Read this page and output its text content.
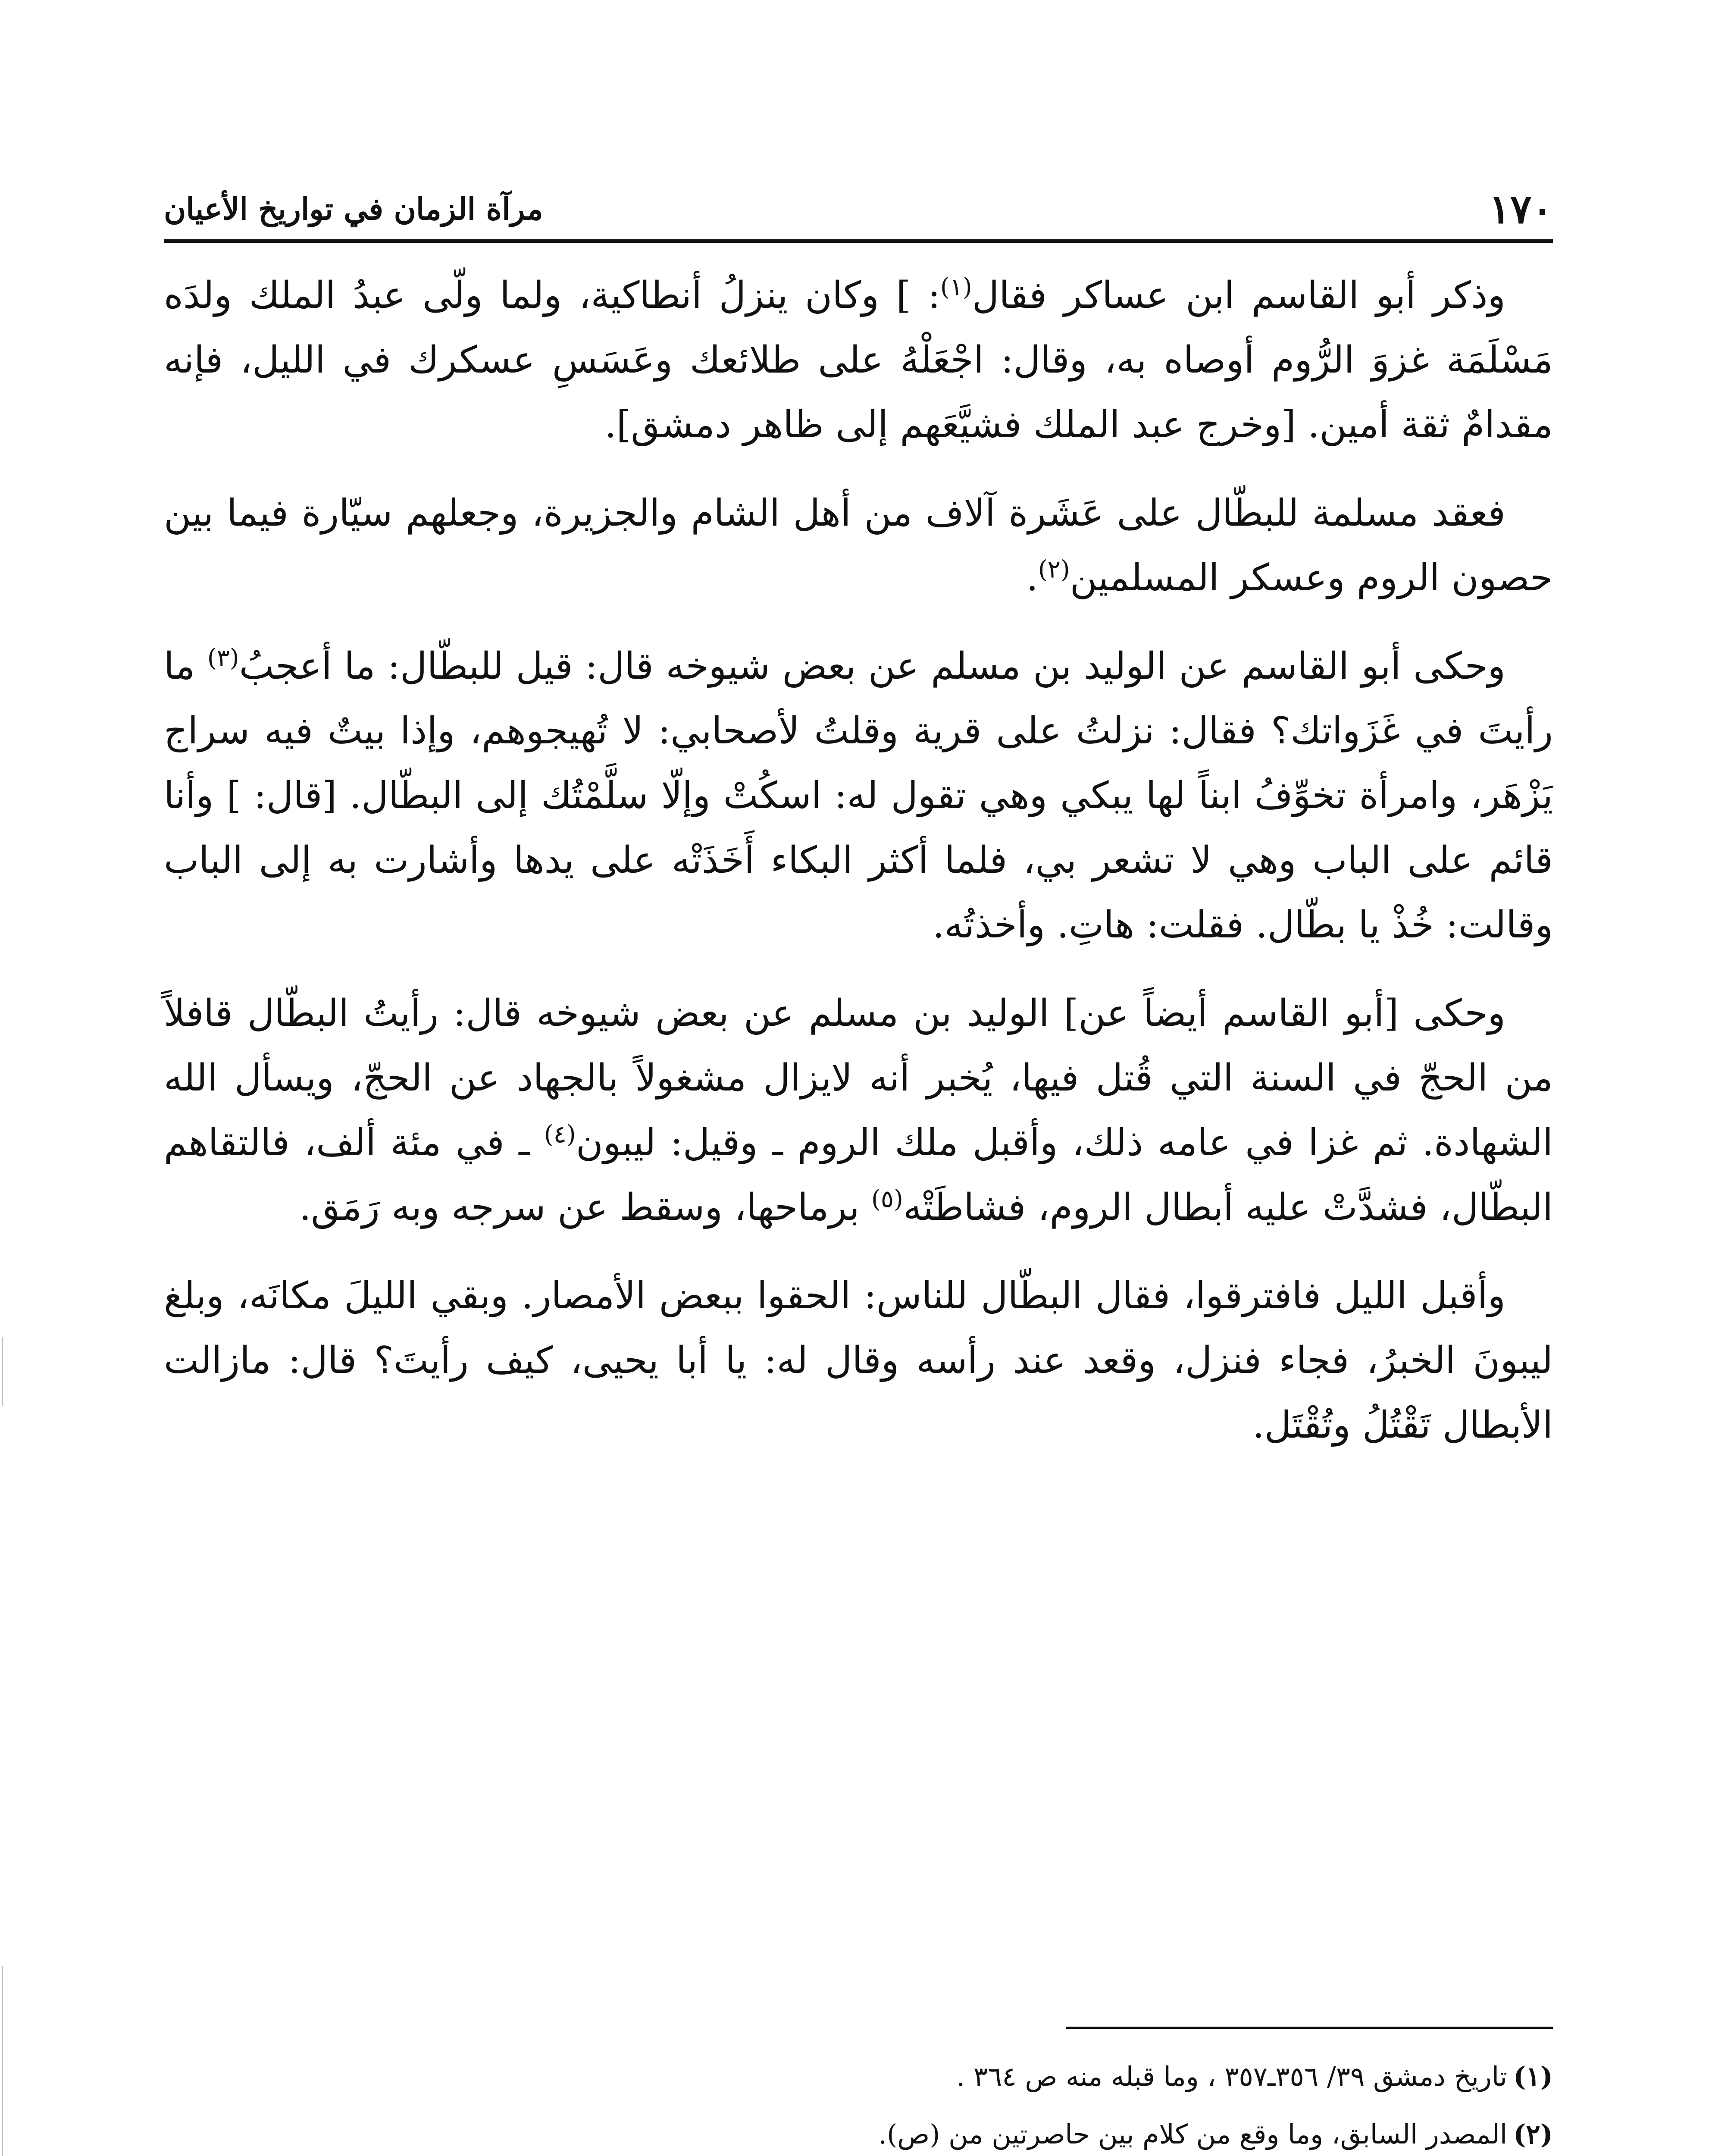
١٧٠
مرآة الزمان في تواريخ الأعيان

وذكر أبو القاسم ابن عساكر فقال$^{(١)}$: ] وكان ينزلُ أنطاكية، ولما ولّى عبدُ الملك ولدَه مَسْلَمَة غزوَ الرُّوم أوصاه به، وقال: اجْعَلْهُ على طلائعك وعَسَسِ عسكرك في الليل، فإنه مقدامٌ ثقة أمين. [وخرج عبد الملك فشيَّعَهم إلى ظاهر دمشق].

فعقد مسلمة للبطّال على عَشَرة آلاف من أهل الشام والجزيرة، وجعلهم سيّارة فيما بين حصون الروم وعسكر المسلمين$^{(٢)}$.

وحكى أبو القاسم عن الوليد بن مسلم عن بعض شيوخه قال: قيل للبطّال: ما أعجبُ$^{(٣)}$ ما رأيتَ في غَزَواتك؟ فقال: نزلتُ على قرية وقلتُ لأصحابي: لا تُهيجوهم، وإذا بيتٌ فيه سراج يَزْهَر، وامرأة تخوِّفُ ابناً لها يبكي وهي تقول له: اسكُتْ وإلّا سلَّمْتُك إلى البطّال. [قال: ] وأنا قائم على الباب وهي لا تشعر بي، فلما أكثر البكاء أَخَذَتْه على يدها وأشارت به إلى الباب وقالت: خُذْ يا بطّال. فقلت: هاتِ. وأخذتُه.

وحكى [أبو القاسم أيضاً عن] الوليد بن مسلم عن بعض شيوخه قال: رأيتُ البطّال قافلاً من الحجّ في السنة التي قُتل فيها، يُخبر أنه لايزال مشغولاً بالجهاد عن الحجّ، ويسأل الله الشهادة. ثم غزا في عامه ذلك، وأقبل ملك الروم ـ وقيل: ليبون$^{(٤)}$ ـ في مئة ألف، فالتقاهم البطّال، فشدَّتْ عليه أبطال الروم، فشاطَتْه$^{(٥)}$ برماحها، وسقط عن سرجه وبه رَمَق.

وأقبل الليل فافترقوا، فقال البطّال للناس: الحقوا ببعض الأمصار. وبقي الليلَ مكانَه، وبلغ ليبونَ الخبرُ، فجاء فنزل، وقعد عند رأسه وقال له: يا أبا يحيى، كيف رأيتَ؟ قال: مازالت الأبطال تَقْتُلُ وتُقْتَل.

(١)تاريخ دمشق ٣٩/ ٣٥٦ـ٣٥٧ ، وما قبله منه ص ٣٦٤ .
(٢)المصدر السابق، وما وقع من كلام بين حاصرتين من (ص).
